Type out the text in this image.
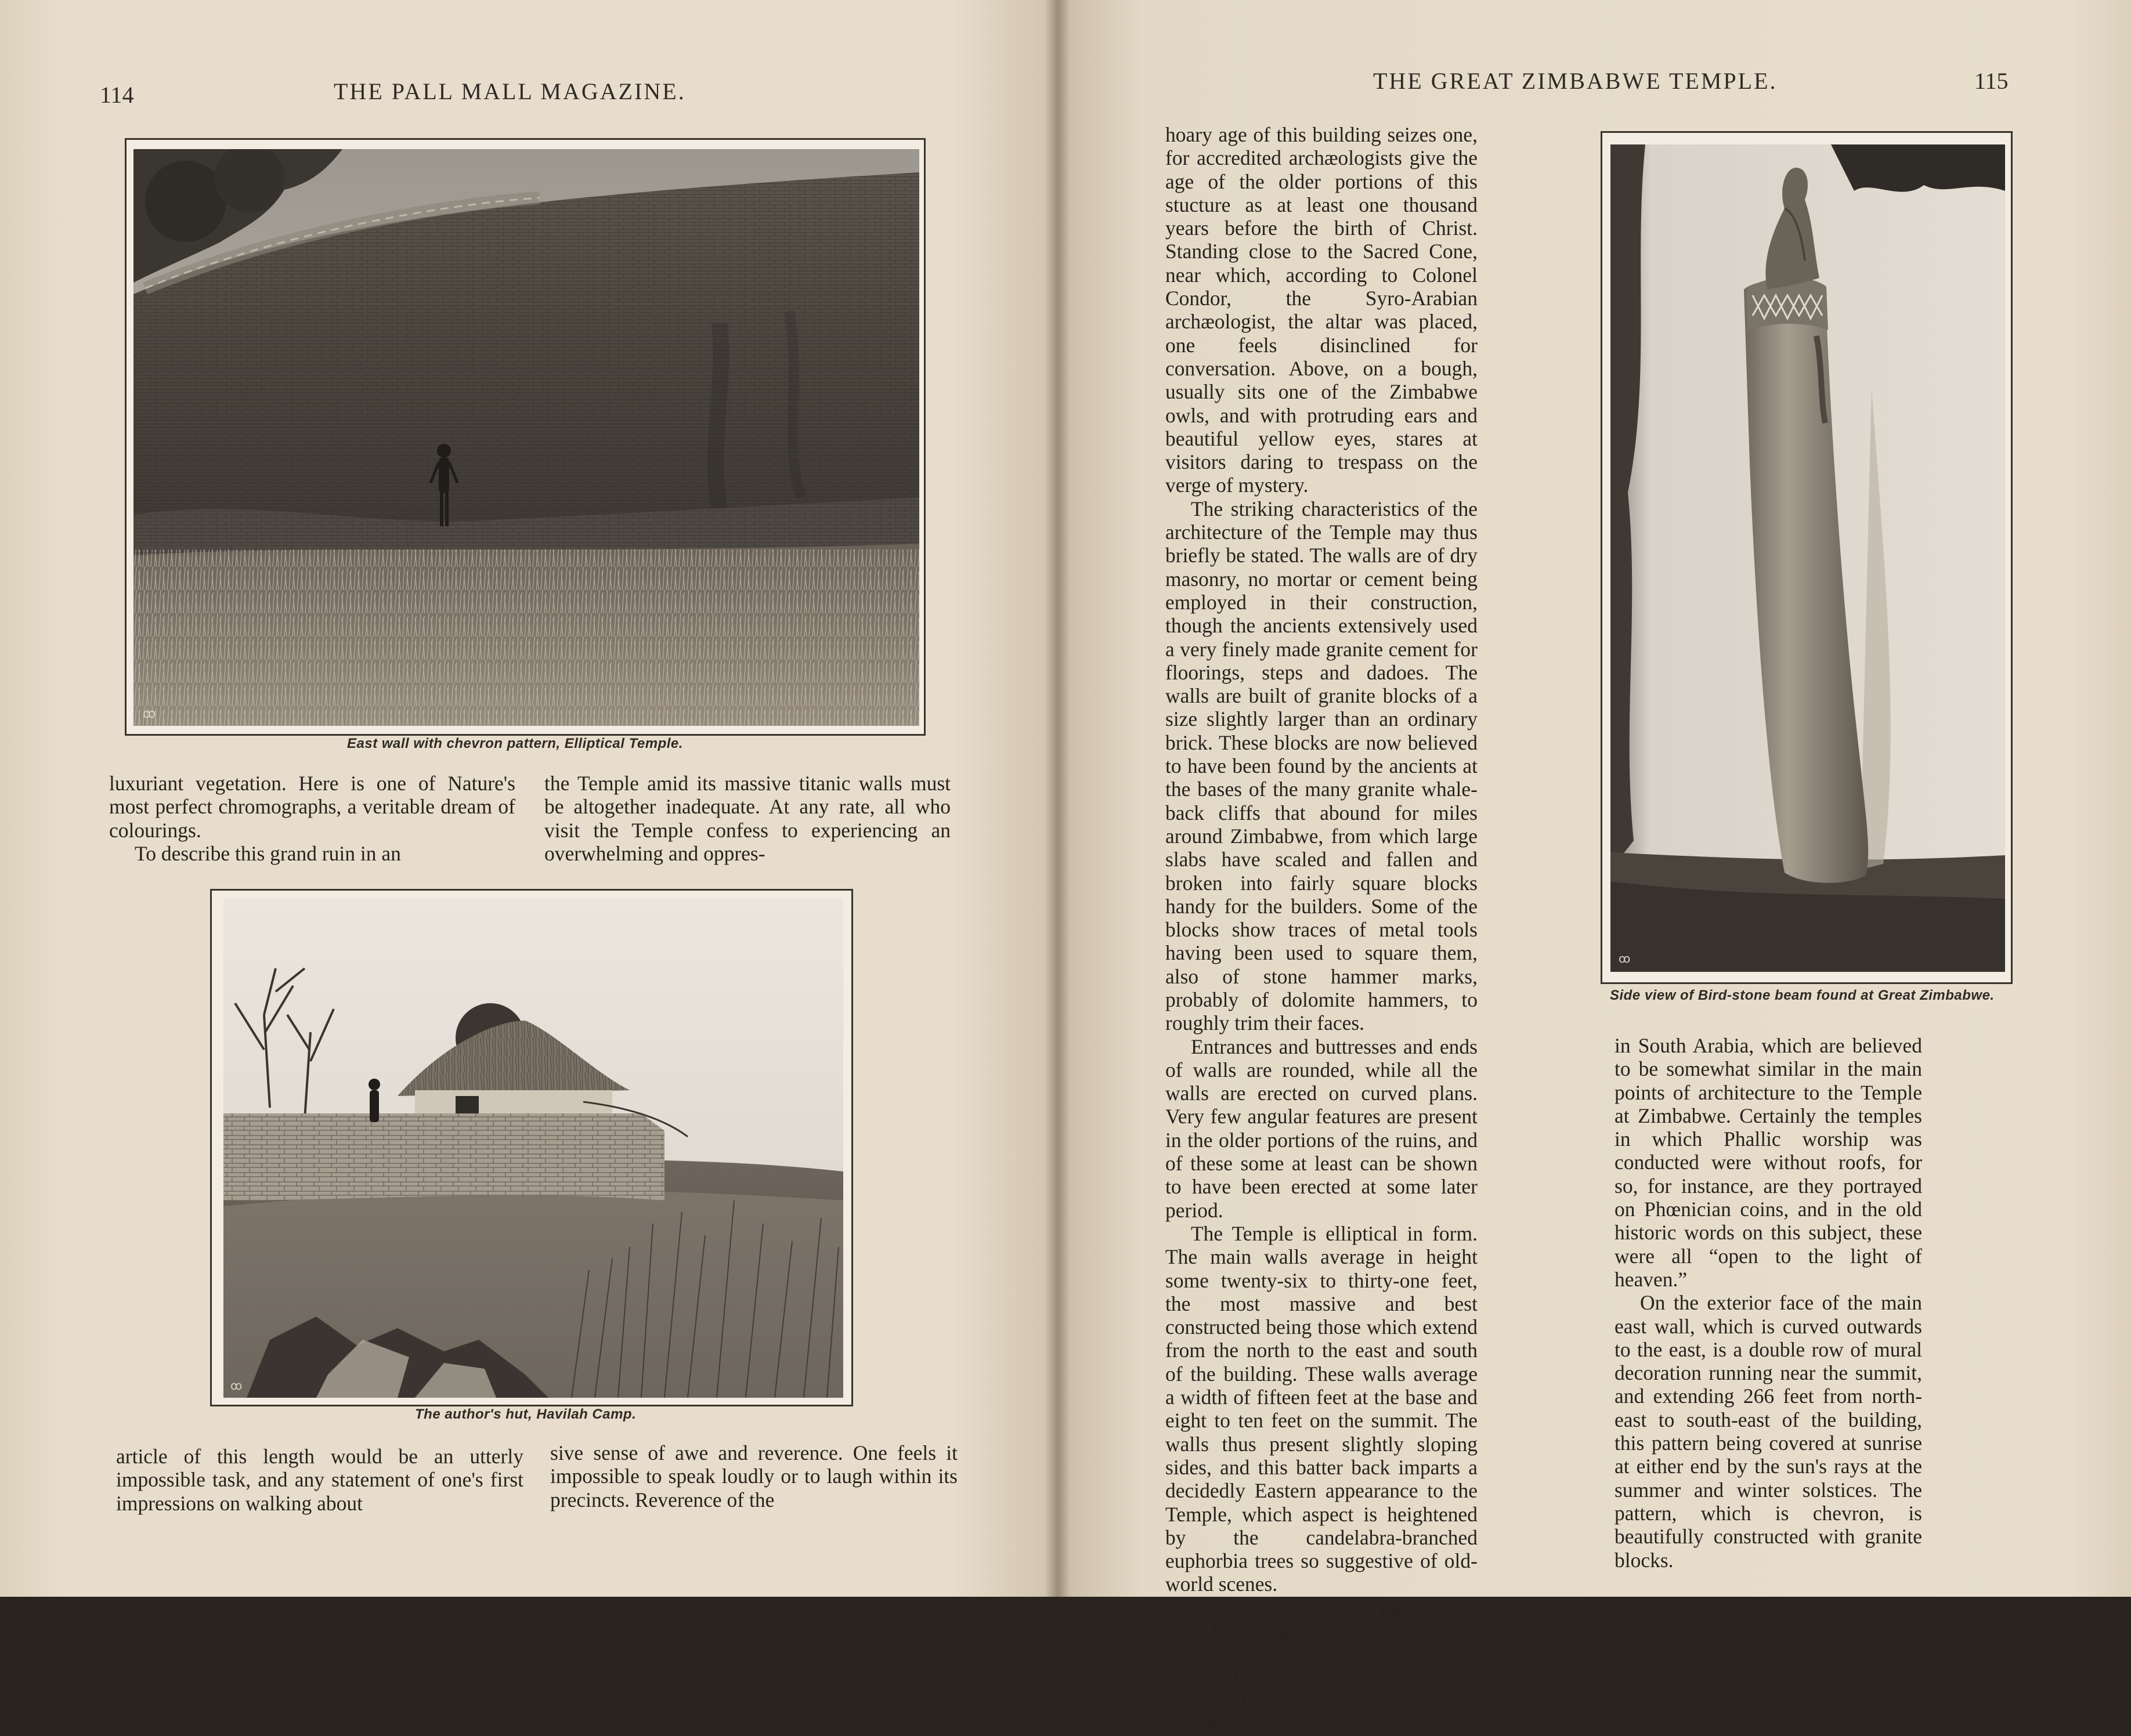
114	THE PALL MALL MAGAZINE.
ꝏ
East wall with chevron pattern, Elliptical Temple.

luxuriant vegetation. Here is one of Nature's most perfect chromographs, a veritable dream of colourings.

To describe this grand ruin in an

the Temple amid its massive titanic walls must be altogether inadequate. At any rate, all who visit the Temple confess to experiencing an overwhelming and oppres-

ꝏ
The author's hut, Havilah Camp.

article of this length would be an utterly impossible task, and any statement of one's first impressions on walking about

sive sense of awe and reverence. One feels it impossible to speak loudly or to laugh within its precincts. Reverence of the

THE GREAT ZIMBABWE TEMPLE.	115

hoary age of this building seizes one, for accredited archæologists give the age of the older portions of this stucture as at least one thousand years before the birth of Christ. Standing close to the Sacred Cone, near which, according to Colonel Condor, the Syro-Arabian archæologist, the altar was placed, one feels disinclined for conversation. Above, on a bough, usually sits one of the Zimbabwe owls, and with protruding ears and beautiful yellow eyes, stares at visitors daring to trespass on the verge of mystery.

The striking characteristics of the architecture of the Temple may thus briefly be stated. The walls are of dry masonry, no mortar or cement being employed in their construction, though the ancients extensively used a very finely made granite cement for floorings, steps and dadoes. The walls are built of granite blocks of a size slightly larger than an ordinary brick. These blocks are now believed to have been found by the ancients at the bases of the many granite whale-back cliffs that abound for miles around Zimbabwe, from which large slabs have scaled and fallen and broken into fairly square blocks handy for the builders. Some of the blocks show traces of metal tools having been used to square them, also of stone hammer marks, probably of dolomite hammers, to roughly trim their faces.

Entrances and buttresses and ends of walls are rounded, while all the walls are erected on curved plans. Very few angular features are present in the older portions of the ruins, and of these some at least can be shown to have been erected at some later period.

The Temple is elliptical in form. The main walls average in height some twenty-six to thirty-one feet, the most massive and best constructed being those which extend from the north to the east and south of the building. These walls average a width of fifteen feet at the base and eight to ten feet on the summit. The walls thus present slightly sloping sides, and this batter back imparts a decidedly Eastern appearance to the Temple, which aspect is heightened by the candelabra-branched euphorbia trees so suggestive of old-world scenes.

The circumference of the exterior is 831 feet, and of the interior 766 feet.

The Temple does not appear ever to have been roofed, nor were the temples

ꝏ
Side view of Bird-stone beam found at Great Zimbabwe.

in South Arabia, which are believed to be somewhat similar in the main points of architecture to the Temple at Zimbabwe. Certainly the temples in which Phallic worship was conducted were without roofs, for so, for instance, are they portrayed on Phœnician coins, and in the old historic words on this subject, these were all “open to the light of heaven.”

On the exterior face of the main east wall, which is curved outwards to the east, is a double row of mural decoration running near the summit, and extending 266 feet from north-east to south-east of the building, this pattern being covered at sunrise at either end by the sun's rays at the summer and winter solstices. The pattern, which is chevron, is beautifully constructed with granite blocks.
